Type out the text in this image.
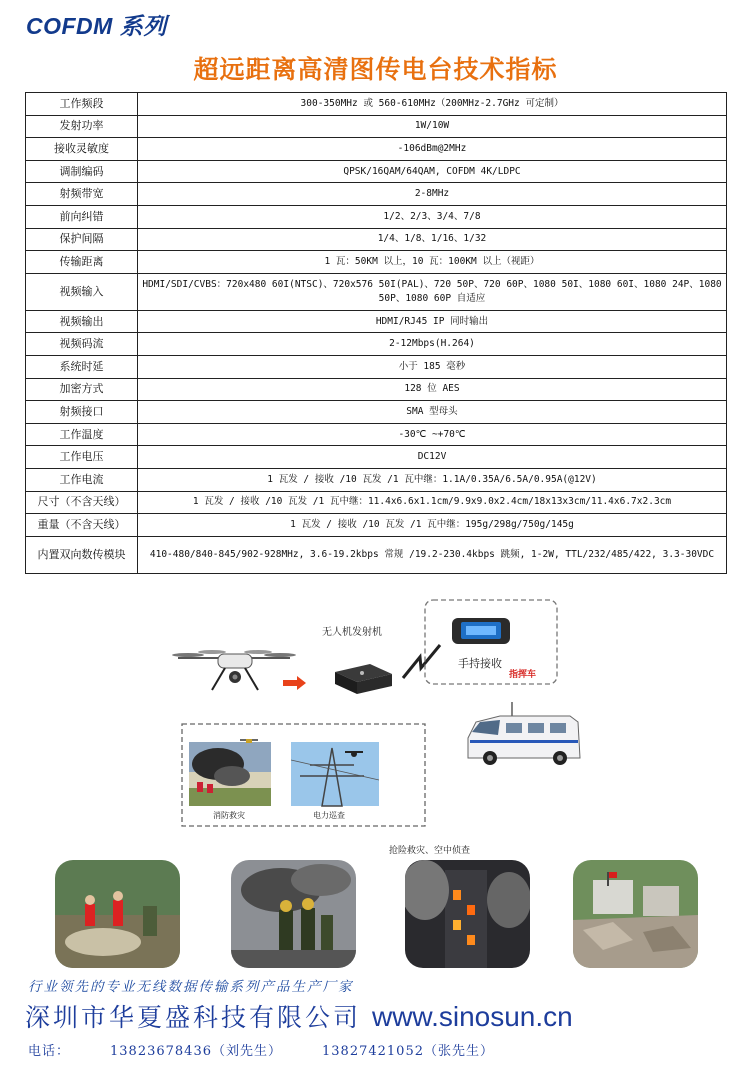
COFDM 系列
超远距离高清图传电台技术指标
工作频段	300-350MHz 或 560-610MHz（200MHz-2.7GHz 可定制）
发射功率	1W/10W
接收灵敏度	-106dBm@2MHz
调制编码	QPSK/16QAM/64QAM, COFDM 4K/LDPC
射频带宽	2-8MHz
前向纠错	1/2、2/3、3/4、7/8
保护间隔	1/4、1/8、1/16、1/32
传输距离	1 瓦：50KM 以上，10 瓦：100KM 以上（视距）
视频输入	HDMI/SDI/CVBS：720x480 60I(NTSC)、720x576 50I(PAL)、720 50P、720 60P、1080 50I、1080 60I、1080 24P、1080 50P、1080 60P 自适应
视频输出	HDMI/RJ45 IP 同时输出
视频码流	2-12Mbps(H.264)
系统时延	小于 185 毫秒
加密方式	128 位 AES
射频接口	SMA 型母头
工作温度	-30℃ ~+70℃
工作电压	DC12V
工作电流	1 瓦发 / 接收 /10 瓦发 /1 瓦中继：1.1A/0.35A/6.5A/0.95A(@12V)
尺寸（不含天线）	1 瓦发 / 接收 /10 瓦发 /1 瓦中继：11.4x6.6x1.1cm/9.9x9.0x2.4cm/18x13x3cm/11.4x6.7x2.3cm
重量（不含天线）	1 瓦发 / 接收 /10 瓦发 /1 瓦中继：195g/298g/750g/145g
内置双向数传模块	410-480/840-845/902-928MHz, 3.6-19.2kbps 常规 /19.2-230.4kbps 跳频, 1-2W, TTL/232/485/422, 3.3-30VDC
无人机发射机
手持接收
指挥车
消防救灾	电力巡查
抢险救灾、空中侦查
行业领先的专业无线数据传输系列产品生产厂家
深圳市华夏盛科技有限公司 www.sinosun.cn
电话：	13823678436（刘先生）	13827421052（张先生）
